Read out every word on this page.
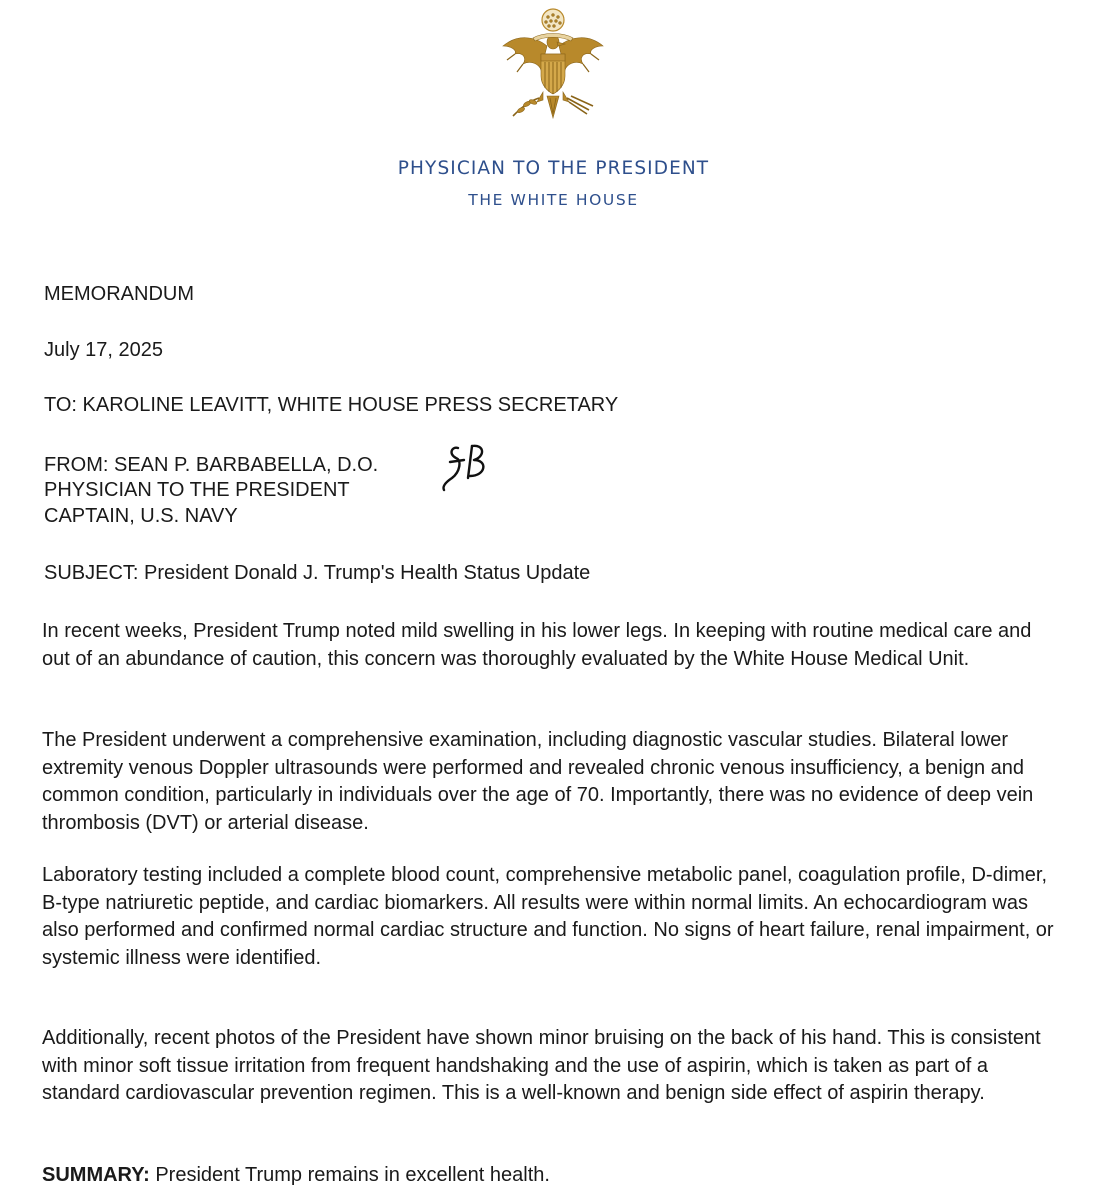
PHYSICIAN TO THE PRESIDENT
THE WHITE HOUSE
MEMORANDUM
July 17, 2025
TO: KAROLINE LEAVITT, WHITE HOUSE PRESS SECRETARY
FROM: SEAN P. BARBABELLA, D.O.
PHYSICIAN TO THE PRESIDENT
CAPTAIN, U.S. NAVY
SUBJECT: President Donald J. Trump's Health Status Update
In recent weeks, President Trump noted mild swelling in his lower legs. In keeping with routine medical care and out of an abundance of caution, this concern was thoroughly evaluated by the White House Medical Unit.
The President underwent a comprehensive examination, including diagnostic vascular studies. Bilateral lower extremity venous Doppler ultrasounds were performed and revealed chronic venous insufficiency, a benign and common condition, particularly in individuals over the age of 70. Importantly, there was no evidence of deep vein thrombosis (DVT) or arterial disease.
Laboratory testing included a complete blood count, comprehensive metabolic panel, coagulation profile, D-dimer, B-type natriuretic peptide, and cardiac biomarkers. All results were within normal limits. An echocardiogram was also performed and confirmed normal cardiac structure and function. No signs of heart failure, renal impairment, or systemic illness were identified.
Additionally, recent photos of the President have shown minor bruising on the back of his hand. This is consistent with minor soft tissue irritation from frequent handshaking and the use of aspirin, which is taken as part of a standard cardiovascular prevention regimen. This is a well-known and benign side effect of aspirin therapy.
SUMMARY: President Trump remains in excellent health.
